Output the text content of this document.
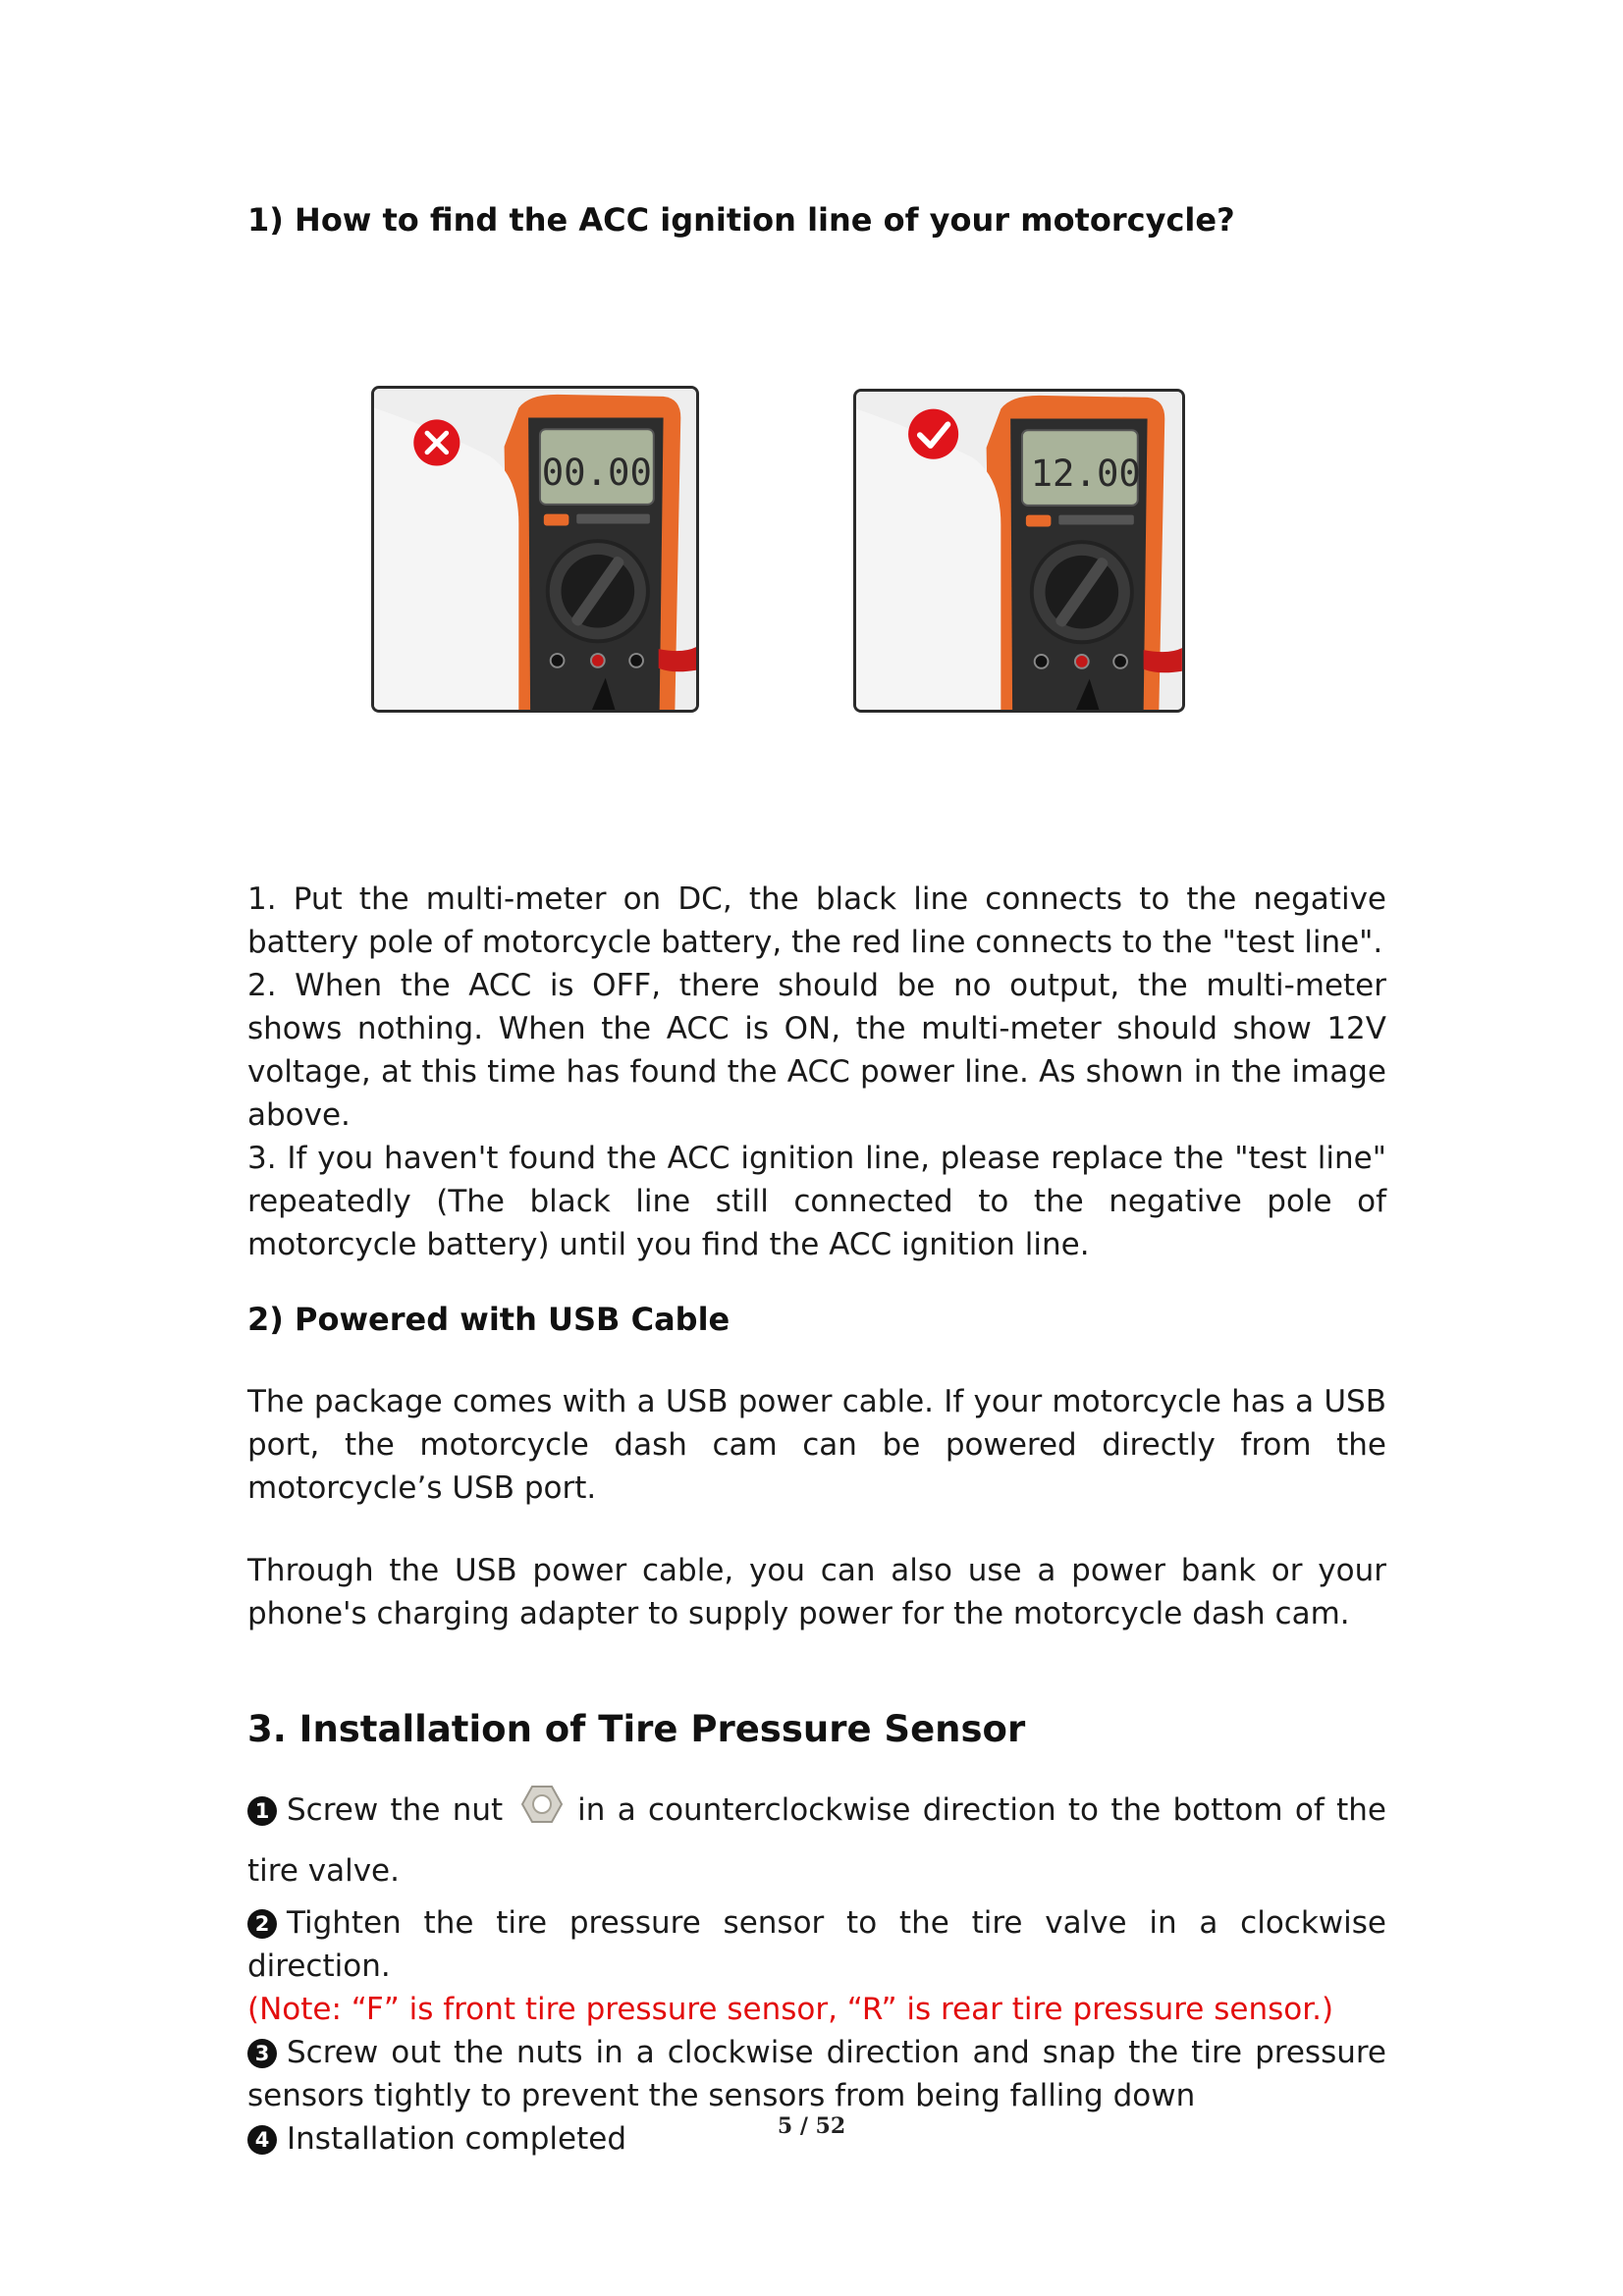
1) How to find the ACC ignition line of your motorcycle?
00.00	12.00

1. Put the multi-meter on DC, the black line connects to the negative battery pole of motorcycle battery, the red line connects to the "test line".

2. When the ACC is OFF, there should be no output, the multi-meter shows nothing. When the ACC is ON, the multi-meter should show 12V voltage, at this time has found the ACC power line. As shown in the image above.

3. If you haven't found the ACC ignition line, please replace the "test line" repeatedly (The black line still connected to the negative pole of motorcycle battery) until you find the ACC ignition line.

2) Powered with USB Cable

The package comes with a USB power cable. If your motorcycle has a USB port, the motorcycle dash cam can be powered directly from the motorcycle’s USB port.

Through the USB power cable, you can also use a power bank or your phone's charging adapter to supply power for the motorcycle dash cam.

3. Installation of Tire Pressure Sensor

1 Screw the nut in a counterclockwise direction to the bottom of the tire valve.

2 Tighten the tire pressure sensor to the tire valve in a clockwise direction.

(Note: “F” is front tire pressure sensor, “R” is rear tire pressure sensor.)

3 Screw out the nuts in a clockwise direction and snap the tire pressure sensors tightly to prevent the sensors from being falling down

4 Installation completed	5 / 52
